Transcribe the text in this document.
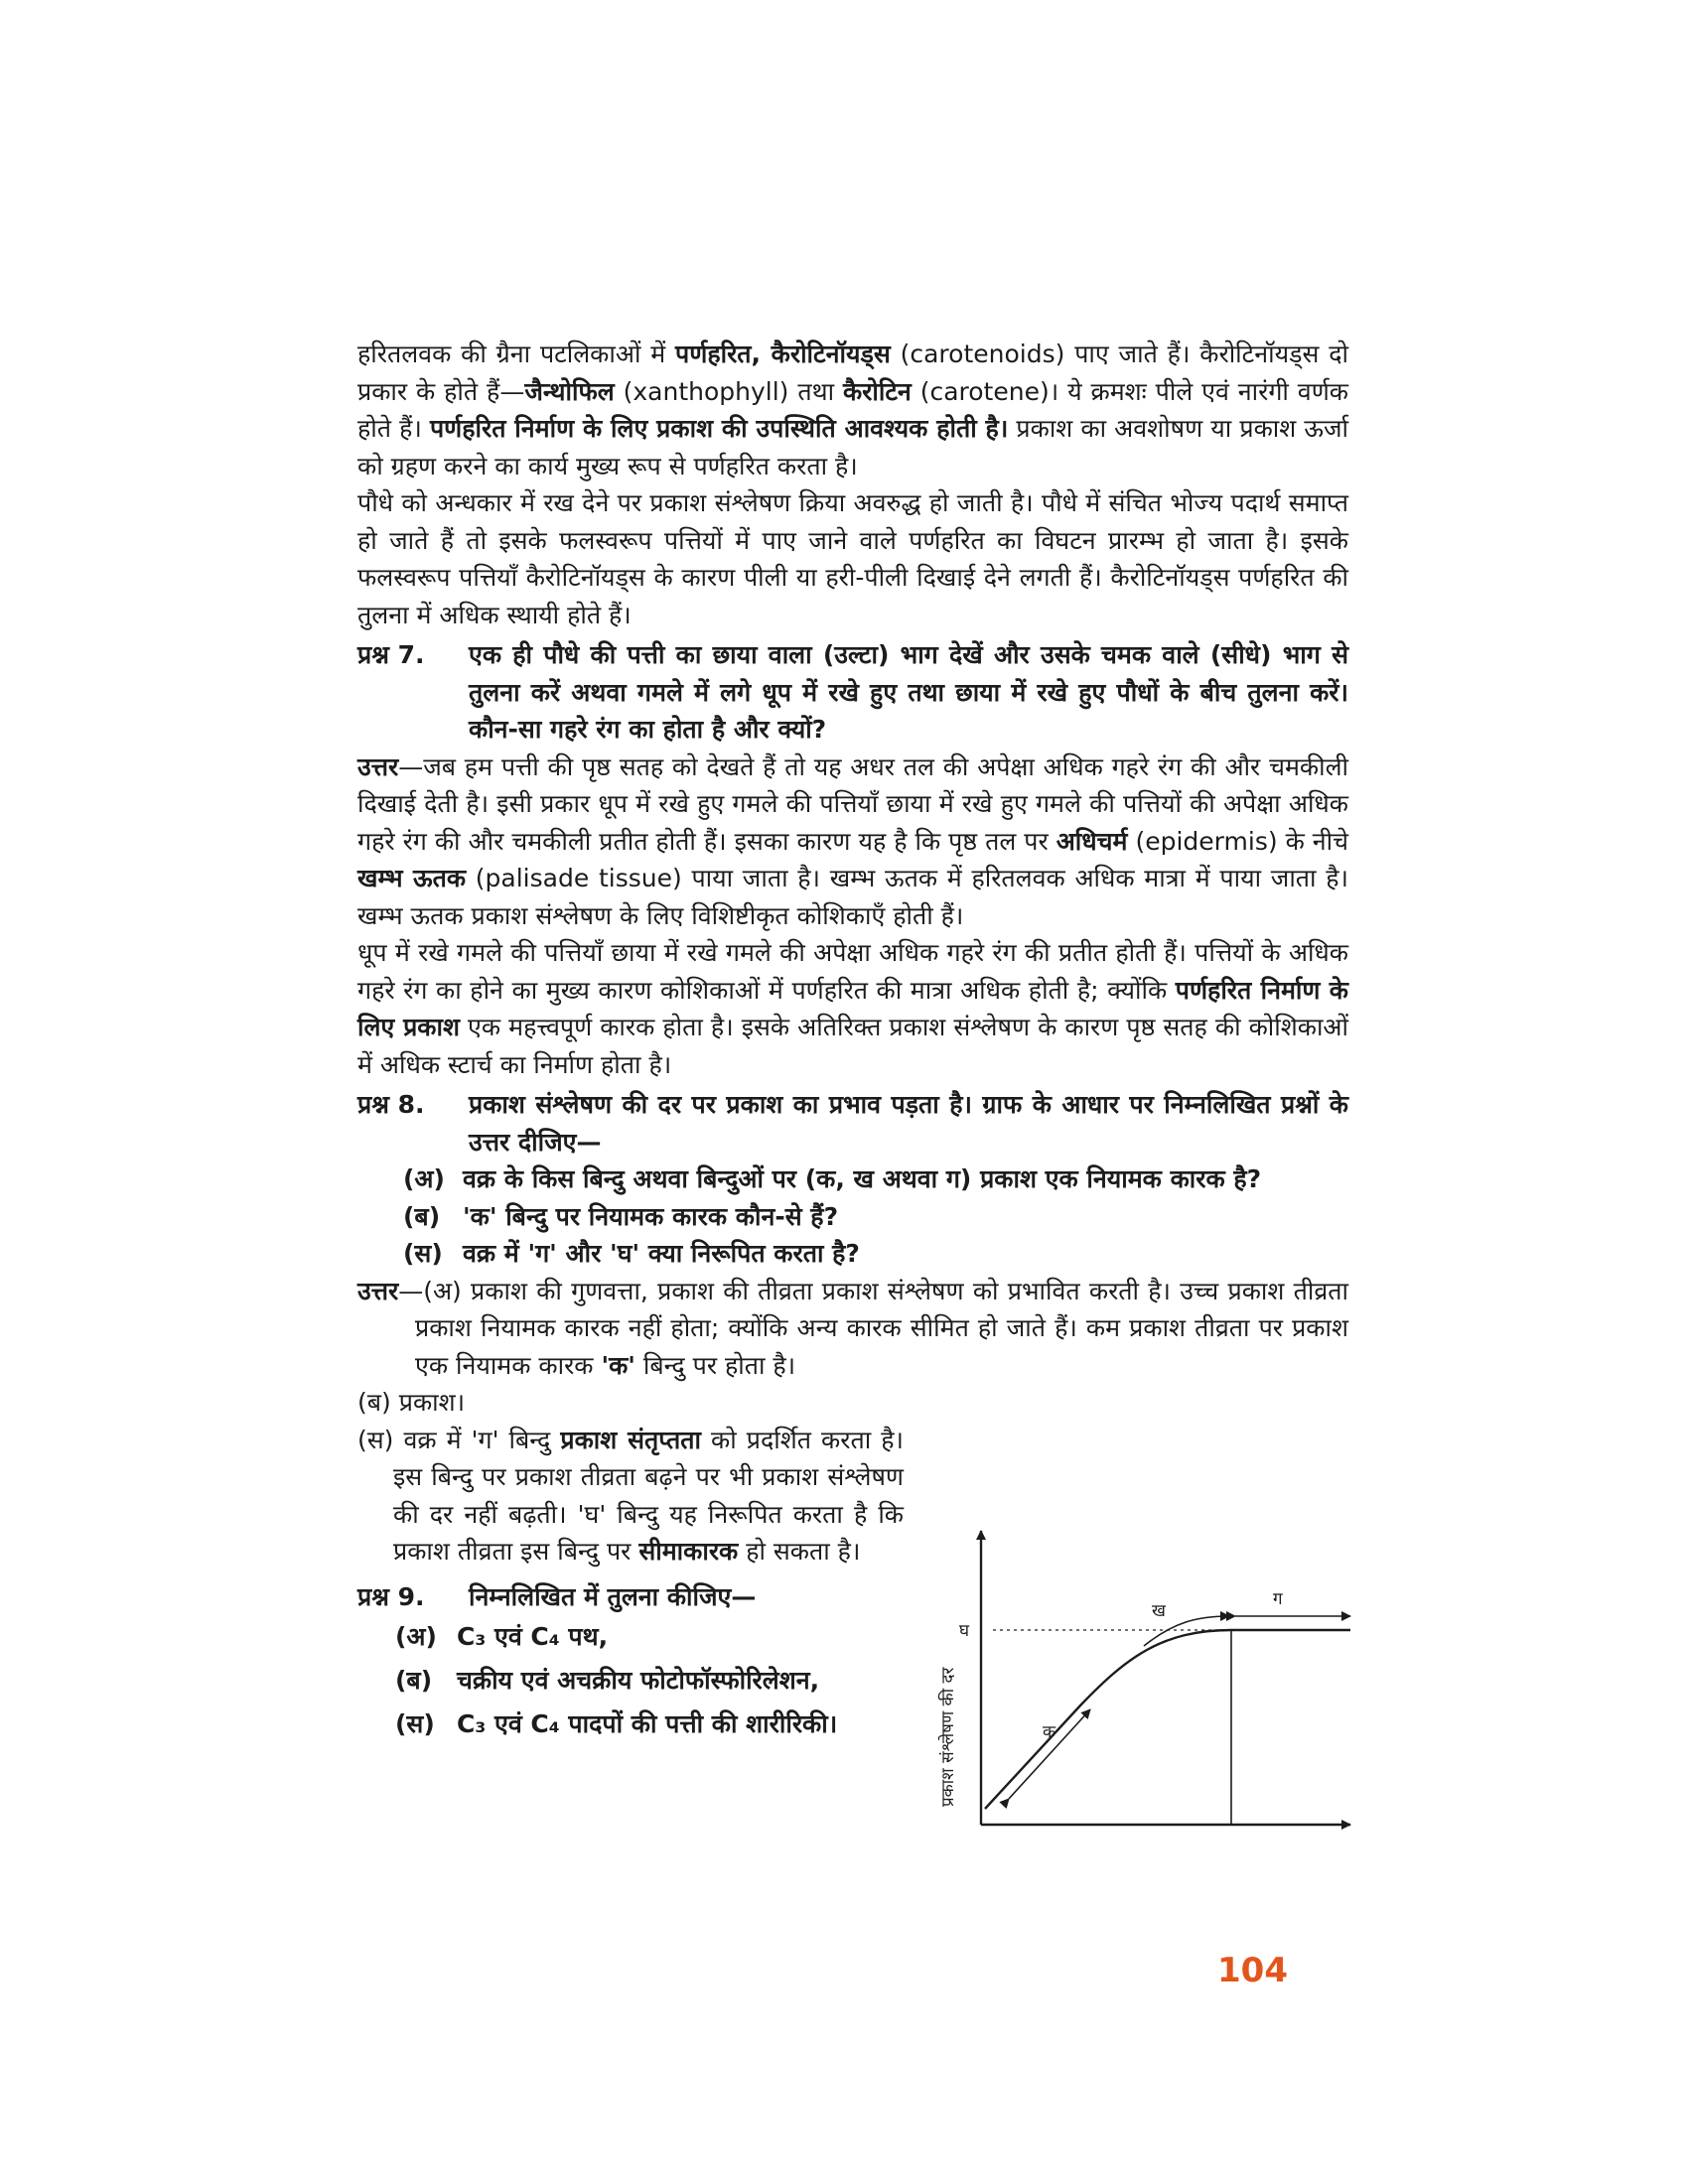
हरितलवक की ग्रैना पटलिकाओं में पर्णहरित, कैरोटिनॉयड्स (carotenoids) पाए जाते हैं। कैरोटिनॉयड्स दो प्रकार के होते हैं—जैन्थोफिल (xanthophyll) तथा कैरोटिन (carotene)। ये क्रमशः पीले एवं नारंगी वर्णक होते हैं। पर्णहरित निर्माण के लिए प्रकाश की उपस्थिति आवश्यक होती है। प्रकाश का अवशोषण या प्रकाश ऊर्जा को ग्रहण करने का कार्य मुख्य रूप से पर्णहरित करता है।

पौधे को अन्धकार में रख देने पर प्रकाश संश्लेषण क्रिया अवरुद्ध हो जाती है। पौधे में संचित भोज्य पदार्थ समाप्त हो जाते हैं तो इसके फलस्वरूप पत्तियों में पाए जाने वाले पर्णहरित का विघटन प्रारम्भ हो जाता है। इसके फलस्वरूप पत्तियाँ कैरोटिनॉयड्स के कारण पीली या हरी-पीली दिखाई देने लगती हैं। कैरोटिनॉयड्स पर्णहरित की तुलना में अधिक स्थायी होते हैं।

प्रश्न 7. एक ही पौधे की पत्ती का छाया वाला (उल्टा) भाग देखें और उसके चमक वाले (सीधे) भाग से तुलना करें अथवा गमले में लगे धूप में रखे हुए तथा छाया में रखे हुए पौधों के बीच तुलना करें। कौन-सा गहरे रंग का होता है और क्यों?

उत्तर—जब हम पत्ती की पृष्ठ सतह को देखते हैं तो यह अधर तल की अपेक्षा अधिक गहरे रंग की और चमकीली दिखाई देती है। इसी प्रकार धूप में रखे हुए गमले की पत्तियाँ छाया में रखे हुए गमले की पत्तियों की अपेक्षा अधिक गहरे रंग की और चमकीली प्रतीत होती हैं। इसका कारण यह है कि पृष्ठ तल पर अधिचर्म (epidermis) के नीचे खम्भ ऊतक (palisade tissue) पाया जाता है। खम्भ ऊतक में हरितलवक अधिक मात्रा में पाया जाता है। खम्भ ऊतक प्रकाश संश्लेषण के लिए विशिष्टीकृत कोशिकाएँ होती हैं।

धूप में रखे गमले की पत्तियाँ छाया में रखे गमले की अपेक्षा अधिक गहरे रंग की प्रतीत होती हैं। पत्तियों के अधिक गहरे रंग का होने का मुख्य कारण कोशिकाओं में पर्णहरित की मात्रा अधिक होती है; क्योंकि पर्णहरित निर्माण के लिए प्रकाश एक महत्त्वपूर्ण कारक होता है। इसके अतिरिक्त प्रकाश संश्लेषण के कारण पृष्ठ सतह की कोशिकाओं में अधिक स्टार्च का निर्माण होता है।

प्रश्न 8. प्रकाश संश्लेषण की दर पर प्रकाश का प्रभाव पड़ता है। ग्राफ के आधार पर निम्नलिखित प्रश्नों के उत्तर दीजिए—

(अ) वक्र के किस बिन्दु अथवा बिन्दुओं पर (क, ख अथवा ग) प्रकाश एक नियामक कारक है?

(ब) 'क' बिन्दु पर नियामक कारक कौन-से हैं?

(स) वक्र में 'ग' और 'घ' क्या निरूपित करता है?

उत्तर—(अ) प्रकाश की गुणवत्ता, प्रकाश की तीव्रता प्रकाश संश्लेषण को प्रभावित करती है। उच्च प्रकाश तीव्रता प्रकाश नियामक कारक नहीं होता; क्योंकि अन्य कारक सीमित हो जाते हैं। कम प्रकाश तीव्रता पर प्रकाश एक नियामक कारक 'क' बिन्दु पर होता है।

(ब) प्रकाश।

(स) वक्र में 'ग' बिन्दु प्रकाश संतृप्तता को प्रदर्शित करता है। इस बिन्दु पर प्रकाश तीव्रता बढ़ने पर भी प्रकाश संश्लेषण की दर नहीं बढ़ती। 'घ' बिन्दु यह निरूपित करता है कि प्रकाश तीव्रता इस बिन्दु पर सीमाकारक हो सकता है।

प्रश्न 9. निम्नलिखित में तुलना कीजिए—

(अ) C₃ एवं C₄ पथ,

(ब) चक्रीय एवं अचक्रीय फोटोफॉस्फोरिलेशन,

(स) C₃ एवं C₄ पादपों की पत्ती की शारीरिकी।	क
ख
ग
घ
प्रकाश संश्लेषण की दर
104
